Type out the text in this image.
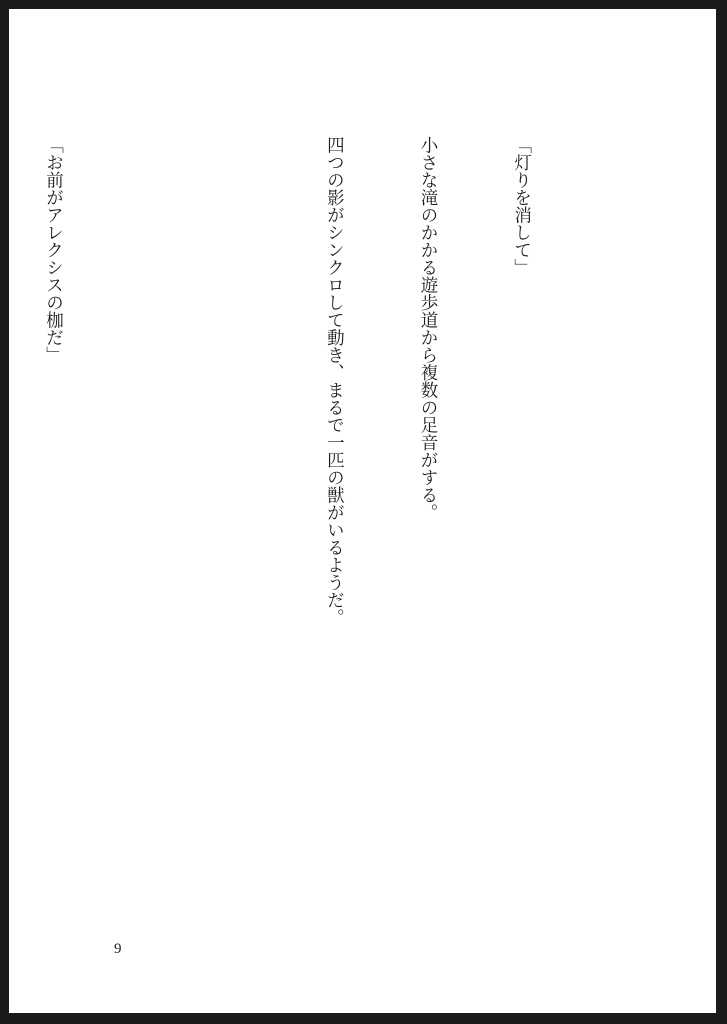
「灯りを消して」

小さな滝のかかる遊歩道から複数の足音がする。

四つの影がシンクロして動き、まるで一匹の獣がいるようだ。

「お前がアレクシスの枷だ」

9
